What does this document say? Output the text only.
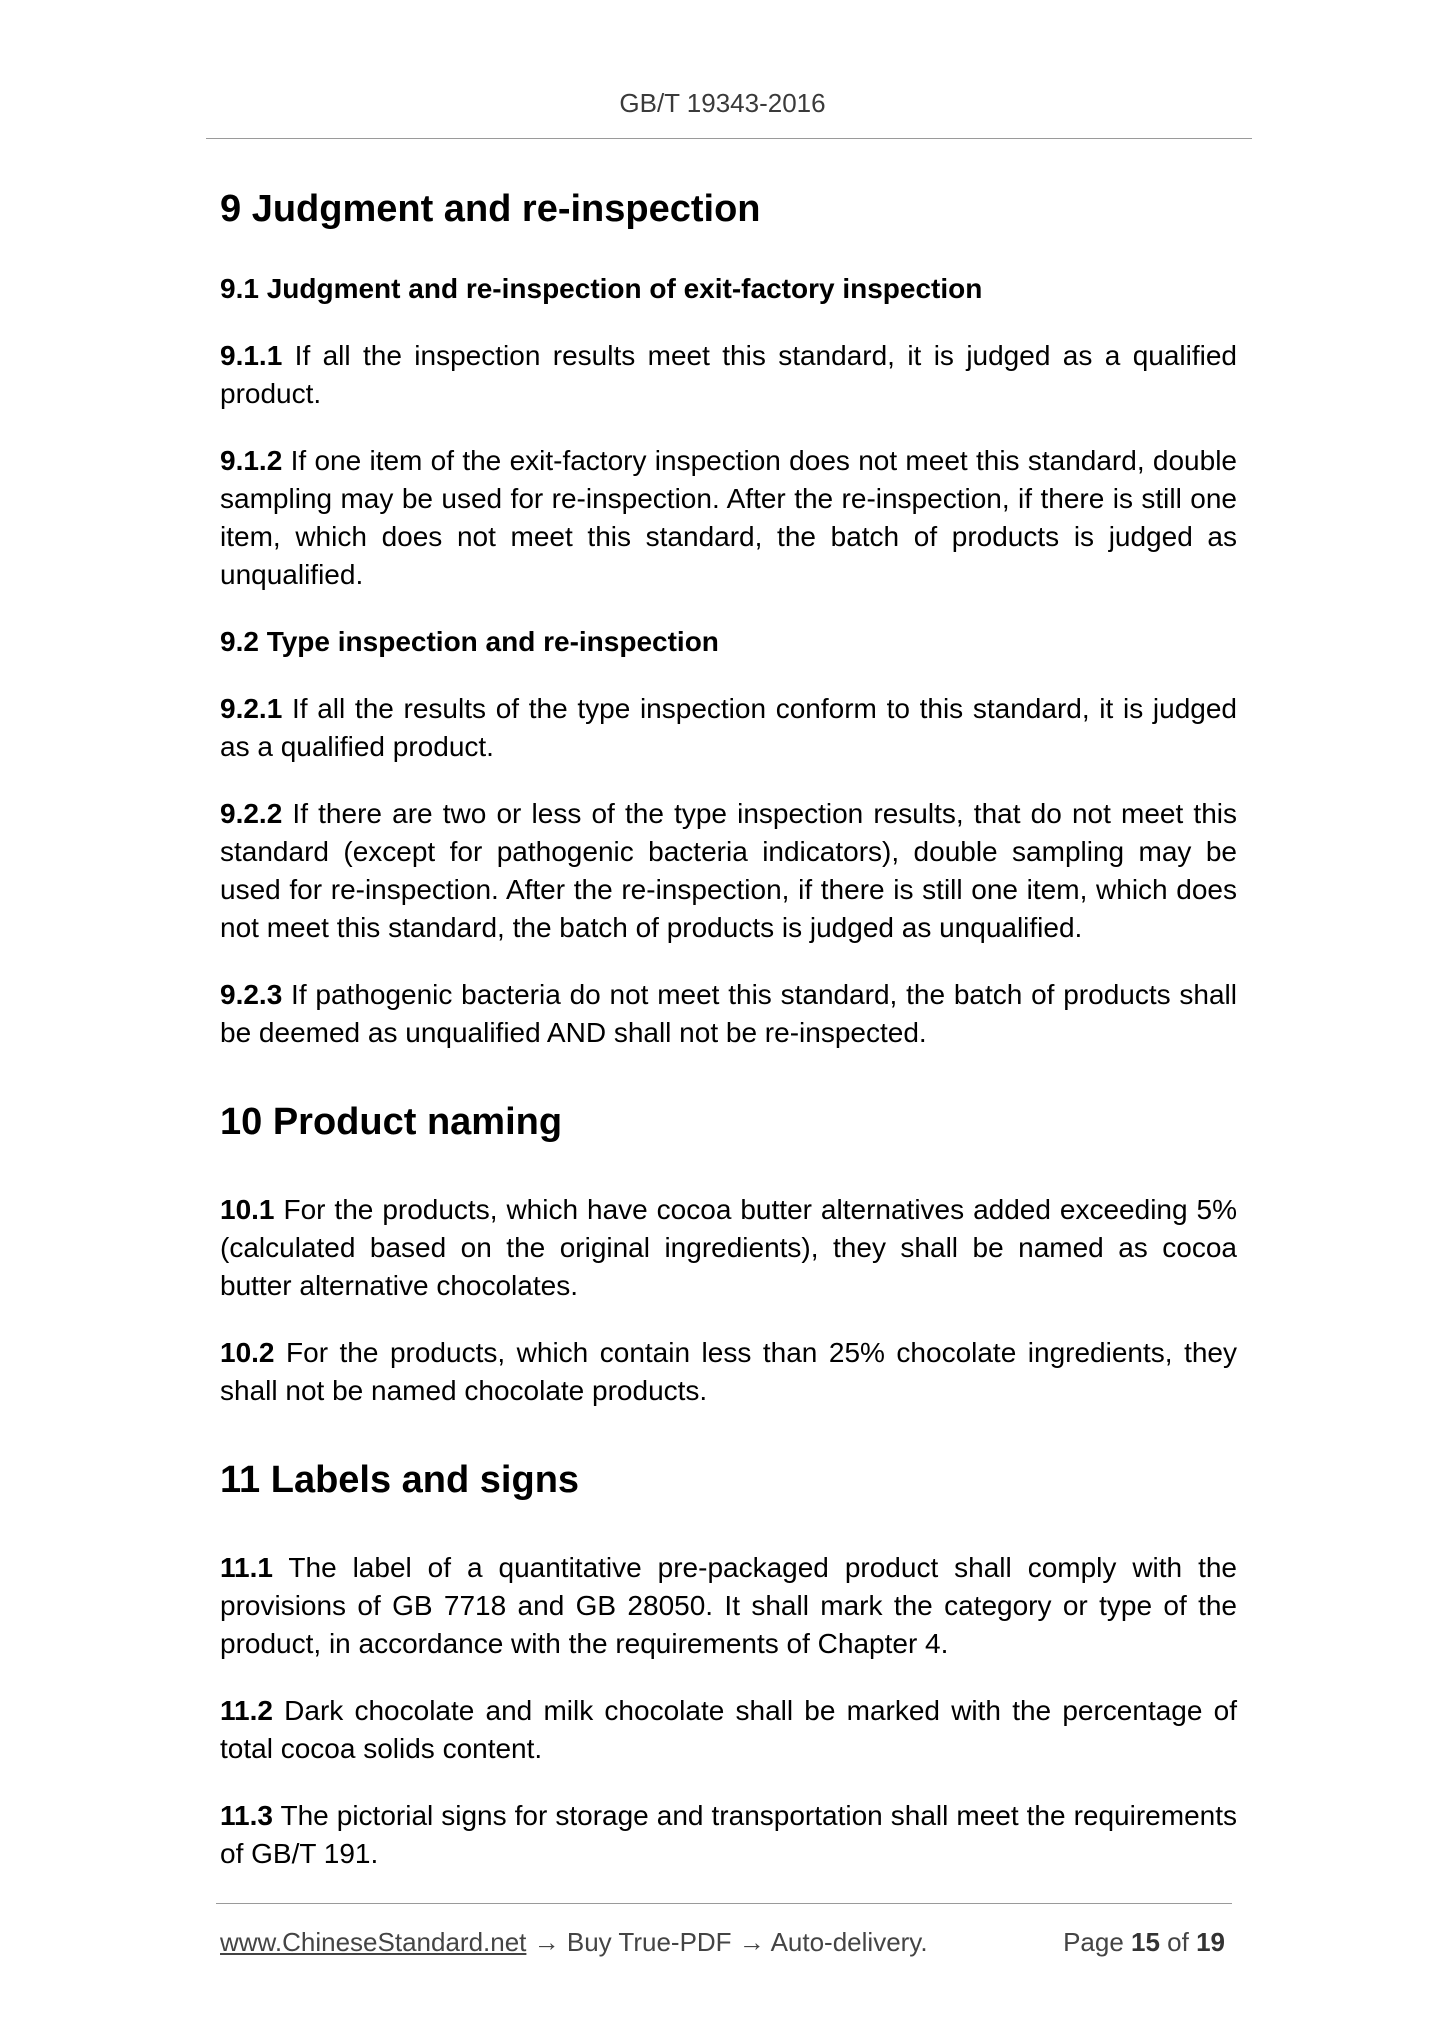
GB/T 19343-2016
9 Judgment and re-inspection
9.1 Judgment and re-inspection of exit-factory inspection

9.1.1 If all the inspection results meet this standard, it is judged as a qualified product.

9.1.2 If one item of the exit-factory inspection does not meet this standard, double sampling may be used for re-inspection. After the re-inspection, if there is still one item, which does not meet this standard, the batch of products is judged as unqualified.

9.2 Type inspection and re-inspection

9.2.1 If all the results of the type inspection conform to this standard, it is judged as a qualified product.

9.2.2 If there are two or less of the type inspection results, that do not meet this standard (except for pathogenic bacteria indicators), double sampling may be used for re-inspection. After the re-inspection, if there is still one item, which does not meet this standard, the batch of products is judged as unqualified.

9.2.3 If pathogenic bacteria do not meet this standard, the batch of products shall be deemed as unqualified AND shall not be re-inspected.

10 Product naming

10.1 For the products, which have cocoa butter alternatives added exceeding 5% (calculated based on the original ingredients), they shall be named as cocoa butter alternative chocolates.

10.2 For the products, which contain less than 25% chocolate ingredients, they shall not be named chocolate products.

11 Labels and signs

11.1 The label of a quantitative pre-packaged product shall comply with the provisions of GB 7718 and GB 28050. It shall mark the category or type of the product, in accordance with the requirements of Chapter 4.

11.2 Dark chocolate and milk chocolate shall be marked with the percentage of total cocoa solids content.

11.3 The pictorial signs for storage and transportation shall meet the requirements of GB/T 191.

www.ChineseStandard.net → Buy True-PDF → Auto-delivery.	Page 15 of 19
